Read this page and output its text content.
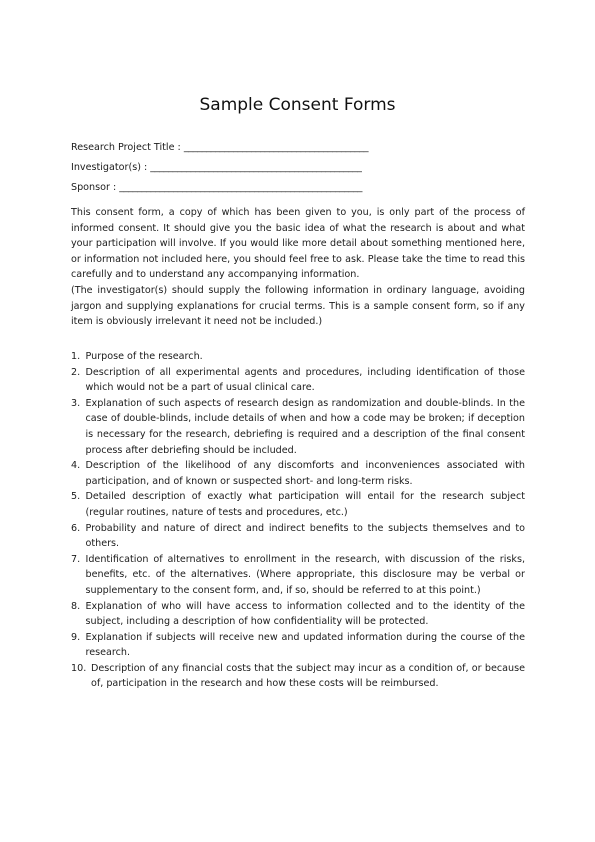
Sample Consent Forms
Research Project Title : _________________________________________
Investigator(s) : _______________________________________________
Sponsor : ______________________________________________________

This consent form, a copy of which has been given to you, is only part of the process of informed consent. It should give you the basic idea of what the research is about and what your participation will involve. If you would like more detail about something mentioned here, or information not included here, you should feel free to ask. Please take the time to read this carefully and to understand any accompanying information.

(The investigator(s) should supply the following information in ordinary language, avoiding jargon and supplying explanations for crucial terms. This is a sample consent form, so if any item is obviously irrelevant it need not be included.)

1. Purpose of the research.
2. Description of all experimental agents and procedures, including identification of those which would not be a part of usual clinical care.
3. Explanation of such aspects of research design as randomization and double-blinds. In the case of double-blinds, include details of when and how a code may be broken; if deception is necessary for the research, debriefing is required and a description of the final consent process after debriefing should be included.
4. Description of the likelihood of any discomforts and inconveniences associated with participation, and of known or suspected short- and long-term risks.
5. Detailed description of exactly what participation will entail for the research subject (regular routines, nature of tests and procedures, etc.)
6. Probability and nature of direct and indirect benefits to the subjects themselves and to others.
7. Identification of alternatives to enrollment in the research, with discussion of the risks, benefits, etc. of the alternatives. (Where appropriate, this disclosure may be verbal or supplementary to the consent form, and, if so, should be referred to at this point.)
8. Explanation of who will have access to information collected and to the identity of the subject, including a description of how confidentiality will be protected.
9. Explanation if subjects will receive new and updated information during the course of the research.
10. Description of any financial costs that the subject may incur as a condition of, or because of, participation in the research and how these costs will be reimbursed.
